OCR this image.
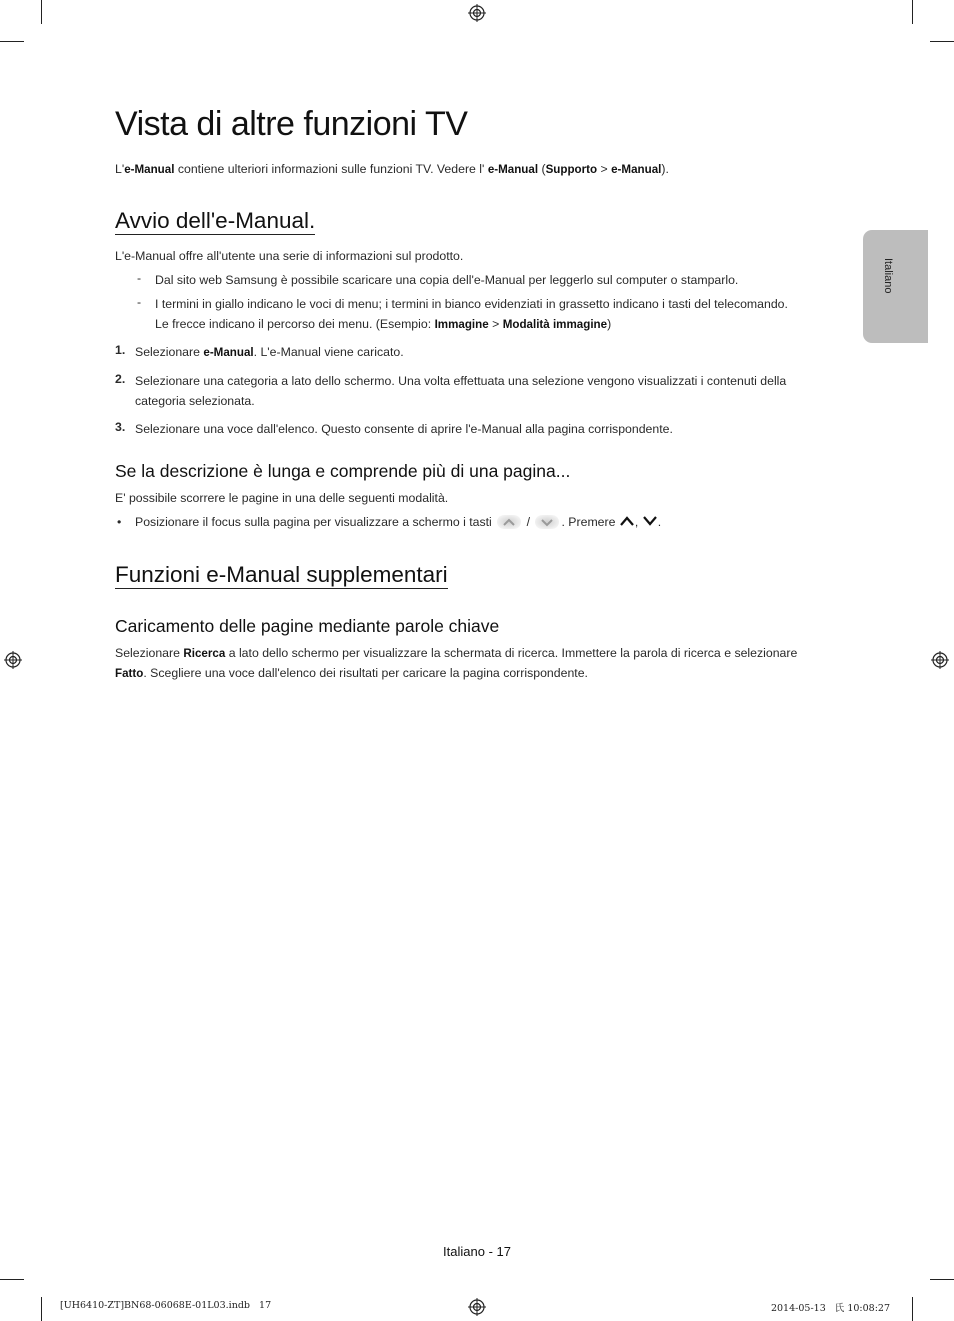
Italiano
Vista di altre funzioni TV
L'e-Manual contiene ulteriori informazioni sulle funzioni TV. Vedere l' e-Manual (Supporto > e-Manual).
Avvio dell'e-Manual.
L'e-Manual offre all'utente una serie di informazioni sul prodotto.
- Dal sito web Samsung è possibile scaricare una copia dell'e-Manual per leggerlo sul computer o stamparlo.
- I termini in giallo indicano le voci di menu; i termini in bianco evidenziati in grassetto indicano i tasti del telecomando.
Le frecce indicano il percorso dei menu. (Esempio: Immagine > Modalità immagine)
1. Selezionare e-Manual. L'e-Manual viene caricato.
2. Selezionare una categoria a lato dello schermo. Una volta effettuata una selezione vengono visualizzati i contenuti della
categoria selezionata.
3. Selezionare una voce dall'elenco. Questo consente di aprire l'e-Manual alla pagina corrispondente.
Se la descrizione è lunga e comprende più di una pagina...
E' possibile scorrere le pagine in una delle seguenti modalità.
• Posizionare il focus sulla pagina per visualizzare a schermo i tasti	/	. Premere , .
Funzioni e-Manual supplementari
Caricamento delle pagine mediante parole chiave
Selezionare Ricerca a lato dello schermo per visualizzare la schermata di ricerca. Immettere la parola di ricerca e selezionare
Fatto. Scegliere una voce dall'elenco dei risultati per caricare la pagina corrispondente.
Italiano - 17
[UH6410-ZT]BN68-06068E-01L03.indb   17	2014-05-13   氏 10:08:27
